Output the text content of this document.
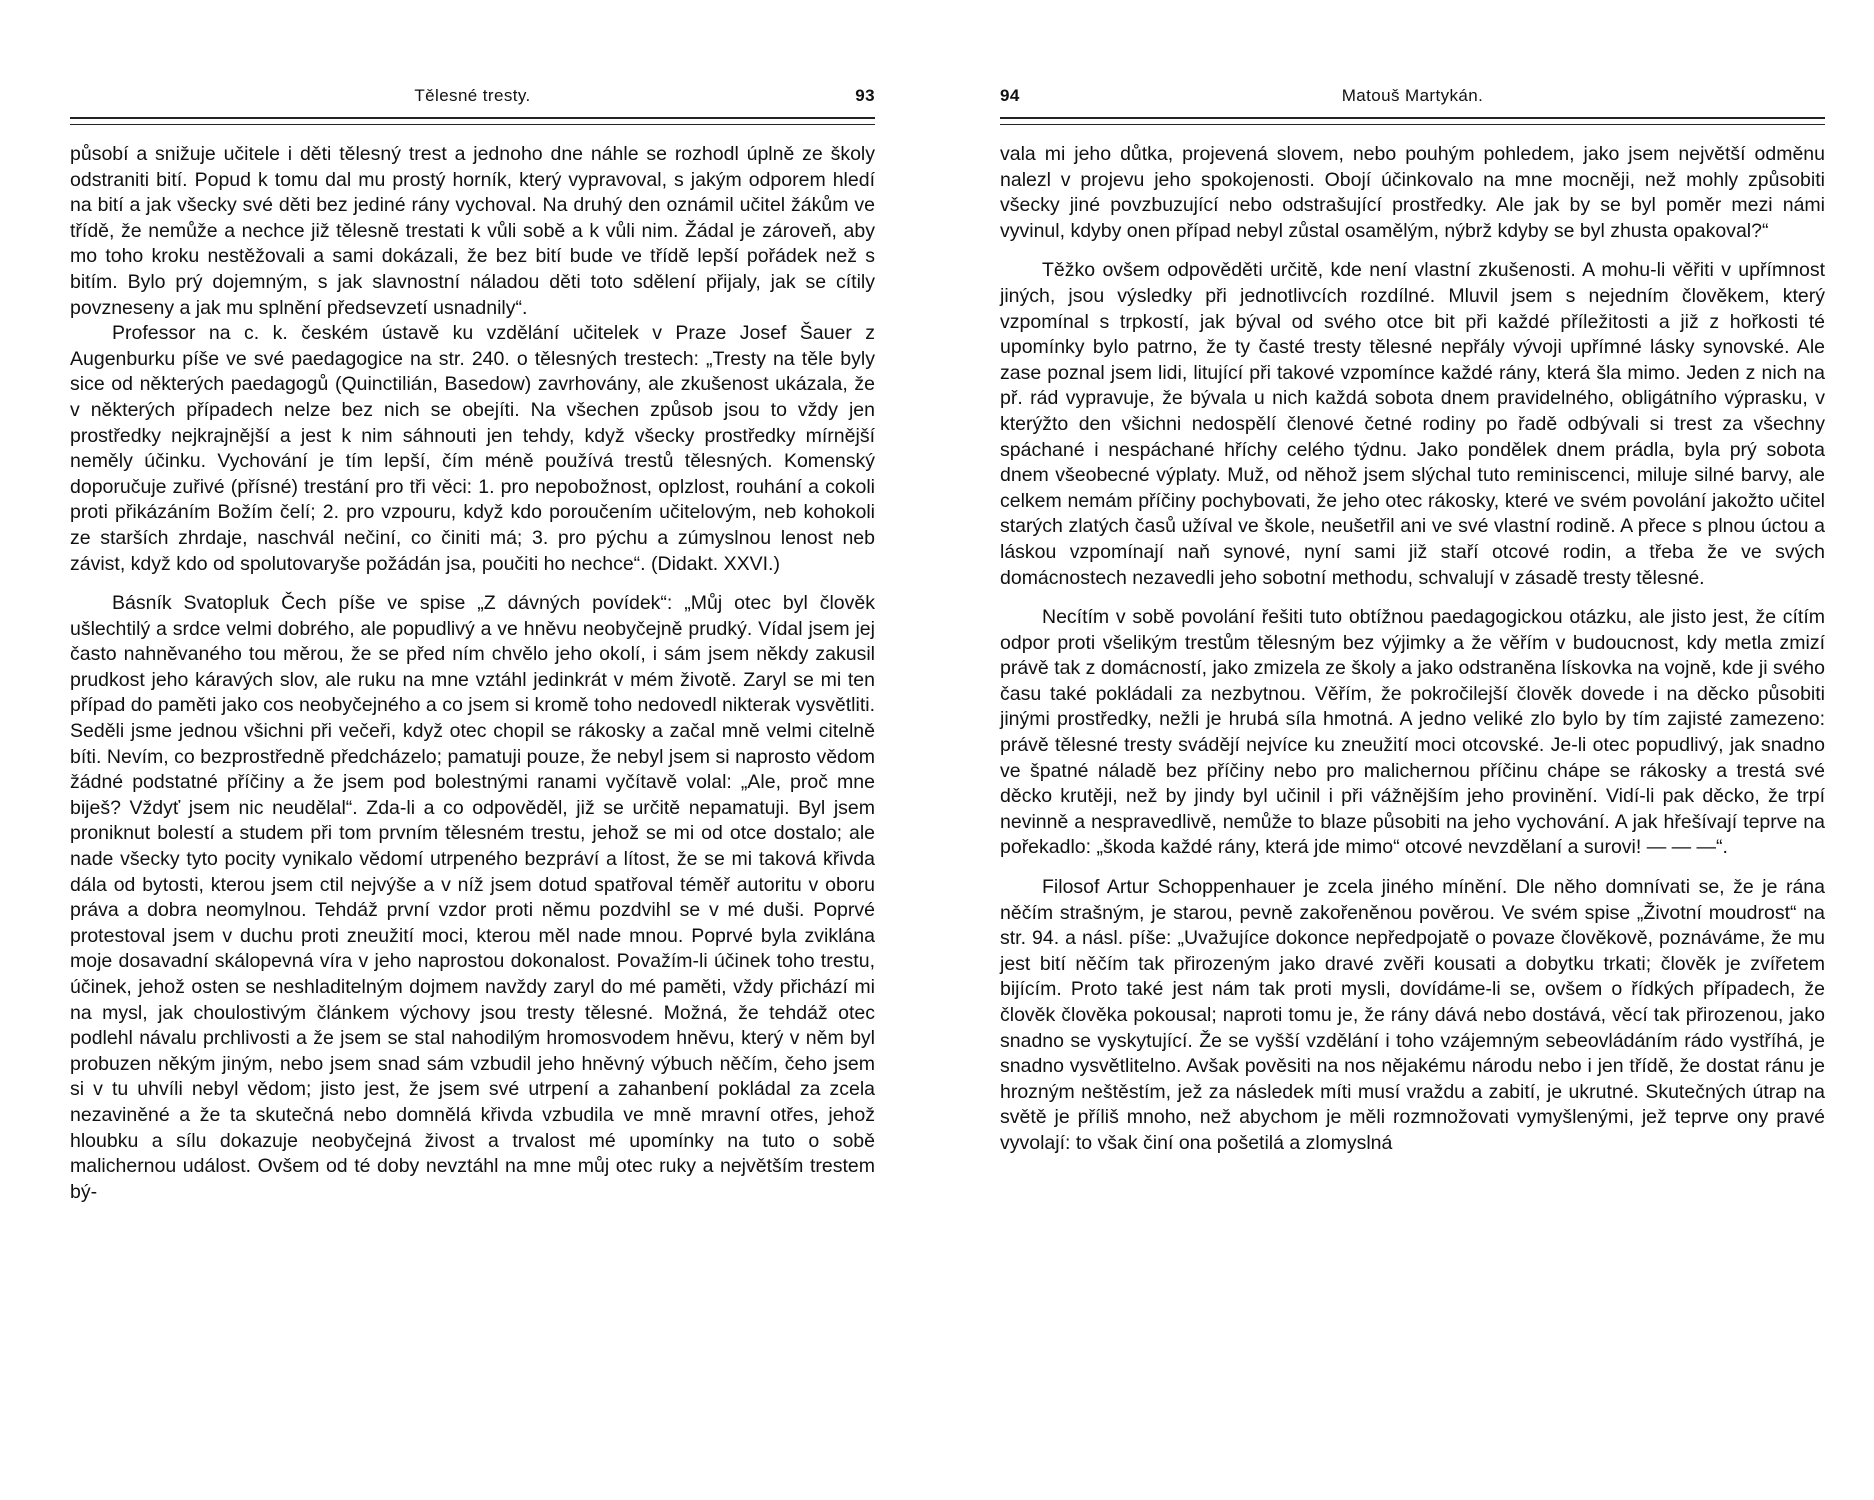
Tělesné tresty.	93

působí a snižuje učitele i děti tělesný trest a jednoho dne náhle se rozhodl úplně ze školy odstraniti bití. Popud k tomu dal mu prostý horník, který vypravoval, s jakým odporem hledí na bití a jak všecky své děti bez jediné rány vychoval. Na druhý den oznámil učitel žákům ve třídě, že nemůže a nechce již tělesně trestati k vůli sobě a k vůli nim. Žádal je zároveň, aby mo toho kroku nestěžovali a sami dokázali, že bez bití bude ve třídě lepší pořádek než s bitím. Bylo prý dojemným, s jak slavnostní náladou děti toto sdělení přijaly, jak se cítily povzneseny a jak mu splnění předsevzetí usnadnily“.

Professor na c. k. českém ústavě ku vzdělání učitelek v Praze Josef Šauer z Augenburku píše ve své paedagogice na str. 240. o tělesných trestech: „Tresty na těle byly sice od některých paedagogů (Quinctilián, Basedow) zavrhovány, ale zkušenost ukázala, že v některých případech nelze bez nich se obejíti. Na všechen způsob jsou to vždy jen prostředky nejkrajnější a jest k nim sáhnouti jen tehdy, když všecky prostředky mírnější neměly účinku. Vychování je tím lepší, čím méně používá trestů tělesných. Komenský doporučuje zuřivé (přísné) trestání pro tři věci: 1. pro nepobožnost, oplzlost, rouhání a cokoli proti přikázáním Božím čelí; 2. pro vzpouru, když kdo poroučením učitelovým, neb kohokoli ze starších zhrdaje, naschvál nečiní, co činiti má; 3. pro pýchu a zúmyslnou lenost neb závist, když kdo od spolutovaryše požádán jsa, poučiti ho nechce“. (Didakt. XXVI.)

Básník Svatopluk Čech píše ve spise „Z dávných povídek“: „Můj otec byl člověk ušlechtilý a srdce velmi dobrého, ale popudlivý a ve hněvu neobyčejně prudký. Vídal jsem jej často nahněvaného tou měrou, že se před ním chvělo jeho okolí, i sám jsem někdy zakusil prudkost jeho káravých slov, ale ruku na mne vztáhl jedinkrát v mém životě. Zaryl se mi ten případ do paměti jako cos neobyčejného a co jsem si kromě toho nedovedl nikterak vysvětliti. Seděli jsme jednou všichni při večeři, když otec chopil se rákosky a začal mně velmi citelně bíti. Nevím, co bezprostředně předcházelo; pamatuji pouze, že nebyl jsem si naprosto vědom žádné podstatné příčiny a že jsem pod bolestnými ranami vyčítavě volal: „Ale, proč mne biješ? Vždyť jsem nic neudělal“. Zda-li a co odpověděl, již se určitě nepamatuji. Byl jsem proniknut bolestí a studem při tom prvním tělesném trestu, jehož se mi od otce dostalo; ale nade všecky tyto pocity vynikalo vědomí utrpeného bezpráví a lítost, že se mi taková křivda dála od bytosti, kterou jsem ctil nejvýše a v níž jsem dotud spatřoval téměř autoritu v oboru práva a dobra neomylnou. Tehdáž první vzdor proti němu pozdvihl se v mé duši. Poprvé protestoval jsem v duchu proti zneužití moci, kterou měl nade mnou. Poprvé byla zviklána moje dosavadní skálopevná víra v jeho naprostou dokonalost. Považím-li účinek toho trestu, účinek, jehož osten se neshladitelným dojmem navždy zaryl do mé paměti, vždy přichází mi na mysl, jak choulostivým článkem výchovy jsou tresty tělesné. Možná, že tehdáž otec podlehl návalu prchlivosti a že jsem se stal nahodilým hromosvodem hněvu, který v něm byl probuzen někým jiným, nebo jsem snad sám vzbudil jeho hněvný výbuch něčím, čeho jsem si v tu uhvíli nebyl vědom; jisto jest, že jsem své utrpení a zahanbení pokládal za zcela nezaviněné a že ta skutečná nebo domnělá křivda vzbudila ve mně mravní otřes, jehož hloubku a sílu dokazuje neobyčejná živost a trvalost mé upomínky na tuto o sobě malichernou událost. Ovšem od té doby nevztáhl na mne můj otec ruky a největším trestem bý-

94	Matouš Martykán.

vala mi jeho důtka, projevená slovem, nebo pouhým pohledem, jako jsem největší odměnu nalezl v projevu jeho spokojenosti. Obojí účinkovalo na mne mocněji, než mohly způsobiti všecky jiné povzbuzující nebo odstrašující prostředky. Ale jak by se byl poměr mezi námi vyvinul, kdyby onen případ nebyl zůstal osamělým, nýbrž kdyby se byl zhusta opakoval?“

Těžko ovšem odpověděti určitě, kde není vlastní zkušenosti. A mohu-li věřiti v upřímnost jiných, jsou výsledky při jednotlivcích rozdílné. Mluvil jsem s nejedním člověkem, který vzpomínal s trpkostí, jak býval od svého otce bit při každé příležitosti a již z hořkosti té upomínky bylo patrno, že ty časté tresty tělesné nepřály vývoji upřímné lásky synovské. Ale zase poznal jsem lidi, litující při takové vzpomínce každé rány, která šla mimo. Jeden z nich na př. rád vypravuje, že bývala u nich každá sobota dnem pravidelného, obligátního výprasku, v kterýžto den všichni nedospělí členové četné rodiny po řadě odbývali si trest za všechny spáchané i nespáchané hříchy celého týdnu. Jako pondělek dnem prádla, byla prý sobota dnem všeobecné výplaty. Muž, od něhož jsem slýchal tuto reminiscenci, miluje silné barvy, ale celkem nemám příčiny pochybovati, že jeho otec rákosky, které ve svém povolání jakožto učitel starých zlatých časů užíval ve škole, neušetřil ani ve své vlastní rodině. A přece s plnou úctou a láskou vzpomínají naň synové, nyní sami již staří otcové rodin, a třeba že ve svých domácnostech nezavedli jeho sobotní methodu, schvalují v zásadě tresty tělesné.

Necítím v sobě povolání řešiti tuto obtížnou paedagogickou otázku, ale jisto jest, že cítím odpor proti všelikým trestům tělesným bez výjimky a že věřím v budoucnost, kdy metla zmizí právě tak z domácností, jako zmizela ze školy a jako odstraněna lískovka na vojně, kde ji svého času také pokládali za nezbytnou. Věřím, že pokročilejší člověk dovede i na děcko působiti jinými prostředky, nežli je hrubá síla hmotná. A jedno veliké zlo bylo by tím zajisté zamezeno: právě tělesné tresty svádějí nejvíce ku zneužití moci otcovské. Je-li otec popudlivý, jak snadno ve špatné náladě bez příčiny nebo pro malichernou příčinu chápe se rákosky a trestá své děcko krutěji, než by jindy byl učinil i při vážnějším jeho provinění. Vidí-li pak děcko, že trpí nevinně a nespravedlivě, nemůže to blaze působiti na jeho vychování. A jak hřešívají teprve na pořekadlo: „škoda každé rány, která jde mimo“ otcové nevzdělaní a surovi! — — —“.

Filosof Artur Schoppenhauer je zcela jiného mínění. Dle něho domnívati se, že je rána něčím strašným, je starou, pevně zakořeněnou pověrou. Ve svém spise „Životní moudrost“ na str. 94. a násl. píše: „Uvažujíce dokonce nepředpojatě o povaze člověkově, poznáváme, že mu jest bití něčím tak přirozeným jako dravé zvěři kousati a dobytku trkati; člověk je zvířetem bijícím. Proto také jest nám tak proti mysli, dovídáme-li se, ovšem o řídkých případech, že člověk člověka pokousal; naproti tomu je, že rány dává nebo dostává, věcí tak přirozenou, jako snadno se vyskytující. Že se vyšší vzdělání i toho vzájemným sebeovládáním rádo vystříhá, je snadno vysvětlitelno. Avšak pověsiti na nos nějakému národu nebo i jen třídě, že dostat ránu je hrozným neštěstím, jež za následek míti musí vraždu a zabití, je ukrutné. Skutečných útrap na světě je příliš mnoho, než abychom je měli rozmnožovati vymyšlenými, jež teprve ony pravé vyvolají: to však činí ona pošetilá a zlomyslná
